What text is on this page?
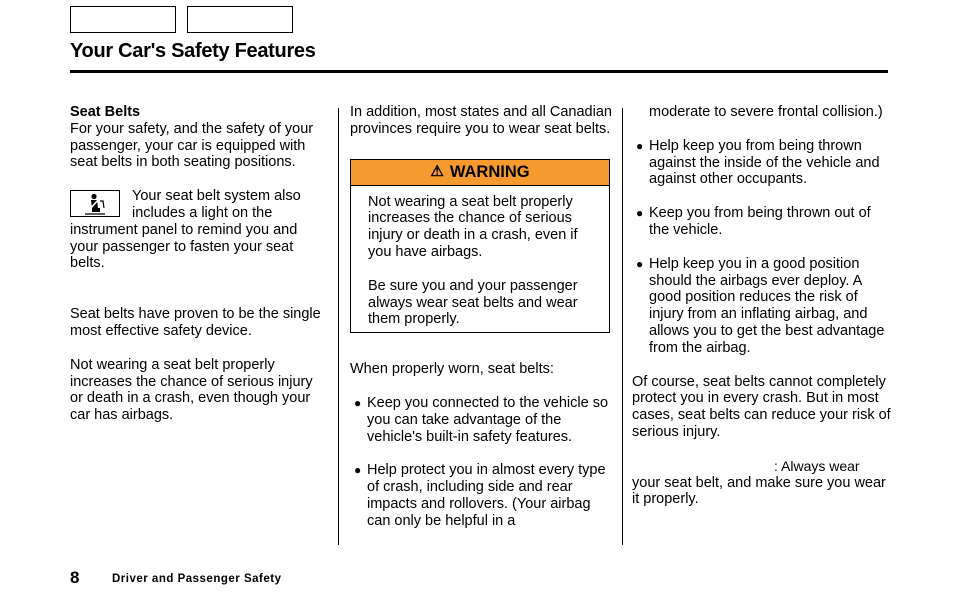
Your Car's Safety Features

Seat Belts

For your safety, and the safety of your passenger, your car is equipped with seat belts in both seating positions.

Your seat belt system also includes a light on the instrument panel to remind you and your passenger to fasten your seat belts.

Seat belts have proven to be the single most effective safety device.

Not wearing a seat belt properly increases the chance of serious injury or death in a crash, even though your car has airbags.

In addition, most states and all Canadian provinces require you to wear seat belts.

⚠ WARNING

Not wearing a seat belt properly increases the chance of serious injury or death in a crash, even if you have airbags.

Be sure you and your passenger always wear seat belts and wear them properly.

When properly worn, seat belts:

● Keep you connected to the vehicle so you can take advantage of the vehicle's built-in safety features.
● Help protect you in almost every type of crash, including side and rear impacts and rollovers. (Your airbag can only be helpful in a

moderate to severe frontal collision.)

● Help keep you from being thrown against the inside of the vehicle and against other occupants.
● Keep you from being thrown out of the vehicle.
● Help keep you in a good position should the airbags ever deploy. A good position reduces the risk of injury from an inflating airbag, and allows you to get the best advantage from the airbag.

Of course, seat belts cannot completely protect you in every crash. But in most cases, seat belts can reduce your risk of serious injury.

: Always wear

your seat belt, and make sure you wear it properly.

8	Driver and Passenger Safety
